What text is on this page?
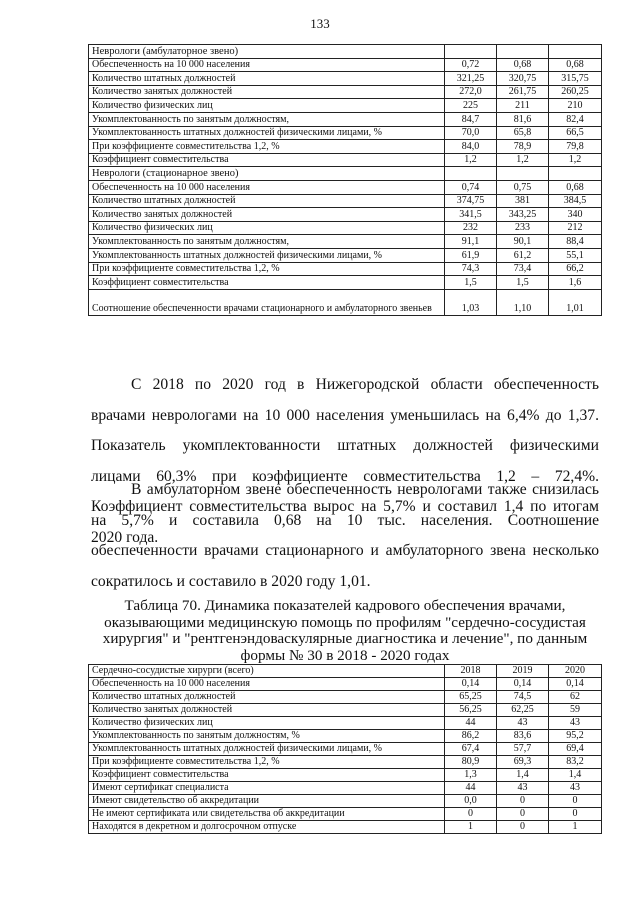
133
Неврологи (амбулаторное звено)			
Обеспеченность на 10 000 населения	0,72	0,68	0,68
Количество штатных должностей	321,25	320,75	315,75
Количество занятых должностей	272,0	261,75	260,25
Количество физических лиц	225	211	210
Укомплектованность по занятым должностям,	84,7	81,6	82,4
Укомплектованность штатных должностей физическими лицами, %	70,0	65,8	66,5
При коэффициенте совместительства 1,2, %	84,0	78,9	79,8
Коэффициент совместительства	1,2	1,2	1,2
Неврологи (стационарное звено)			
Обеспеченность на 10 000 населения	0,74	0,75	0,68
Количество штатных должностей	374,75	381	384,5
Количество занятых должностей	341,5	343,25	340
Количество физических лиц	232	233	212
Укомплектованность по занятым должностям,	91,1	90,1	88,4
Укомплектованность штатных должностей физическими лицами, %	61,9	61,2	55,1
При коэффициенте совместительства 1,2, %	74,3	73,4	66,2
Коэффициент совместительства	1,5	1,5	1,6
Соотношение обеспеченности врачами стационарного и амбулаторного звеньев	1,03	1,10	1,01

С 2018 по 2020 год в Нижегородской области обеспеченность врачами неврологами на 10 000 населения уменьшилась на 6,4% до 1,37. Показатель укомплектованности штатных должностей физическими лицами 60,3% при коэффициенте совместительства 1,2 – 72,4%. Коэффициент совместительства вырос на 5,7% и составил 1,4 по итогам 2020 года.

В амбулаторном звене обеспеченность неврологами также снизилась на 5,7% и составила 0,68 на 10 тыс. населения. Соотношение обеспеченности врачами стационарного и амбулаторного звена несколько сократилось и составило в 2020 году 1,01.

Таблица 70. Динамика показателей кадрового обеспечения врачами, оказывающими медицинскую помощь по профилям "сердечно-сосудистая хирургия" и "рентгенэндоваскулярные диагностика и лечение", по данным формы № 30 в 2018 - 2020 годах

Сердечно-сосудистые хирурги (всего)	2018	2019	2020
Обеспеченность на 10 000 населения	0,14	0,14	0,14
Количество штатных должностей	65,25	74,5	62
Количество занятых должностей	56,25	62,25	59
Количество физических лиц	44	43	43
Укомплектованность по занятым должностям, %	86,2	83,6	95,2
Укомплектованность штатных должностей физическими лицами, %	67,4	57,7	69,4
При коэффициенте совместительства 1,2, %	80,9	69,3	83,2
Коэффициент совместительства	1,3	1,4	1,4
Имеют сертификат специалиста	44	43	43
Имеют свидетельство об аккредитации	0,0	0	0
Не имеют сертификата или свидетельства об аккредитации	0	0	0
Находятся в декретном и долгосрочном отпуске	1	0	1
